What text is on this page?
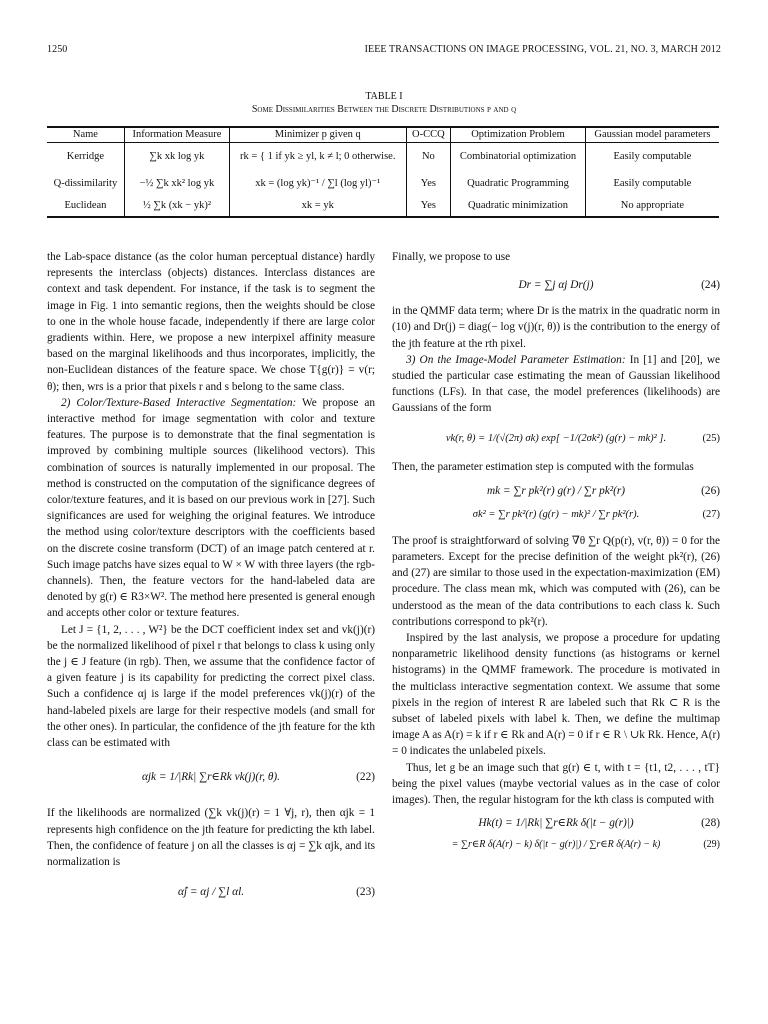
1250	IEEE TRANSACTIONS ON IMAGE PROCESSING, VOL. 21, NO. 3, MARCH 2012
TABLE I
Some Dissimilarities Between the Discrete Distributions p and q
Name	Information Measure	Minimizer p given q	O-CCQ	Optimization Problem	Gaussian model parameters
Kerridge	∑k xk log yk	rk = { 1 if yk ≥ yl, k ≠ l; 0 otherwise.	No	Combinatorial optimization	Easily computable
Q-dissimilarity	−½ ∑k xk² log yk	xk = (log yk)⁻¹ / ∑l (log yl)⁻¹	Yes	Quadratic Programming	Easily computable
Euclidean	½ ∑k (xk − yk)²	xk = yk	Yes	Quadratic minimization	No appropriate

the Lab-space distance (as the color human perceptual distance) hardly represents the interclass (objects) distances. Interclass distances are context and task dependent. For instance, if the task is to segment the image in Fig. 1 into semantic regions, then the weights should be close to one in the whole house facade, independently if there are large color gradients within. Here, we propose a new interpixel affinity measure based on the marginal likelihoods and thus incorporates, implicitly, the non-Euclidean distances of the feature space. We chose T{g(r)} = v(r; θ); then, wrs is a prior that pixels r and s belong to the same class.

2) Color/Texture-Based Interactive Segmentation: We propose an interactive method for image segmentation with color and texture features. The purpose is to demonstrate that the final segmentation is improved by combining multiple sources (likelihood vectors). This combination of sources is naturally implemented in our proposal. The method is constructed on the computation of the significance degrees of color/texture features, and it is based on our previous work in [27]. Such significances are used for weighing the original features. We introduce the method using color/texture descriptors with the coefficients based on the discrete cosine transform (DCT) of an image patch centered at r. Such image patchs have sizes equal to W × W with three layers (the rgb-channels). Then, the feature vectors for the hand-labeled data are denoted by g(r) ∈ R3×W². The method here presented is general enough and accepts other color or texture features.

Let J = {1, 2, . . . , W²} be the DCT coefficient index set and vk(j)(r) be the normalized likelihood of pixel r that belongs to class k using only the j ∈ J feature (in rgb). Then, we assume that the confidence factor of a given feature j is its capability for predicting the correct pixel class. Such a confidence αj is large if the model preferences vk(j)(r) of the hand-labeled pixels are large for their respective models (and small for the other ones). In particular, the confidence of the jth feature for the kth class can be estimated with

αjk = 1/|Rk| ∑r∈Rk vk(j)(r, θ).	(22)

If the likelihoods are normalized (∑k vk(j)(r) = 1 ∀j, r), then αjk = 1 represents high confidence on the jth feature for predicting the kth label. Then, the confidence of feature j on all the classes is αj = ∑k αjk, and its normalization is

α̂j = αj / ∑l αl.	(23)

Finally, we propose to use

Dr = ∑j αj Dr(j)	(24)

in the QMMF data term; where Dr is the matrix in the quadratic norm in (10) and Dr(j) = diag(− log v(j)(r, θ)) is the contribution to the energy of the jth feature at the rth pixel.

3) On the Image-Model Parameter Estimation: In [1] and [20], we studied the particular case estimating the mean of Gaussian likelihood functions (LFs). In that case, the model preferences (likelihoods) are Gaussians of the form

vk(r, θ) = 1/(√(2π) σk) exp[ −1/(2σk²) (g(r) − mk)² ].	(25)

Then, the parameter estimation step is computed with the formulas

mk = ∑r pk²(r) g(r) / ∑r pk²(r)	(26)
σk² = ∑r pk²(r) (g(r) − mk)² / ∑r pk²(r).	(27)

The proof is straightforward of solving ∇θ ∑r Q(p(r), v(r, θ)) = 0 for the parameters. Except for the precise definition of the weight pk²(r), (26) and (27) are similar to those used in the expectation-maximization (EM) procedure. The class mean mk, which was computed with (26), can be understood as the mean of the data contributions to each class k. Such contributions correspond to pk²(r).

Inspired by the last analysis, we propose a procedure for updating nonparametric likelihood density functions (as histograms or kernel histograms) in the QMMF framework. The procedure is motivated in the multiclass interactive segmentation context. We assume that some pixels in the region of interest R are labeled such that Rk ⊂ R is the subset of labeled pixels with label k. Then, we define the multimap image A as A(r) = k if r ∈ Rk and A(r) = 0 if r ∈ R \ ∪k Rk. Hence, A(r) = 0 indicates the unlabeled pixels.

Thus, let g be an image such that g(r) ∈ t, with t = {t1, t2, . . . , tT} being the pixel values (maybe vectorial values as in the case of color images). Then, the regular histogram for the kth class is computed with

Hk(t) = 1/|Rk| ∑r∈Rk δ(|t − g(r)|)	(28)
= ∑r∈R δ(A(r) − k) δ(|t − g(r)|) / ∑r∈R δ(A(r) − k)	(29)
